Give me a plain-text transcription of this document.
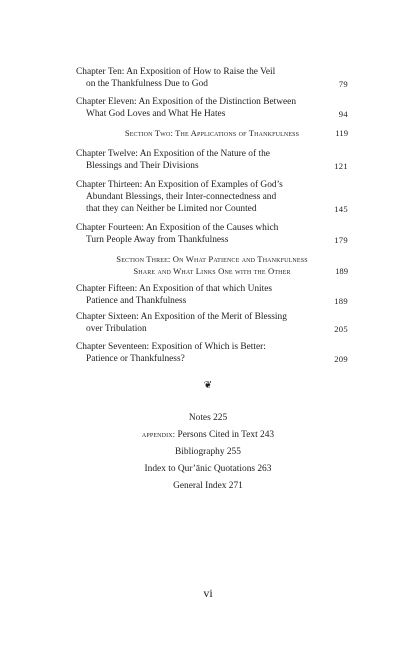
Chapter Ten: An Exposition of How to Raise the Veil
on the Thankfulness Due to God	79
Chapter Eleven: An Exposition of the Distinction Between
What God Loves and What He Hates	94
Section Two: The Applications of Thankfulness	119
Chapter Twelve: An Exposition of the Nature of the
Blessings and Their Divisions	121
Chapter Thirteen: An Exposition of Examples of God’s
Abundant Blessings, their Inter-connectedness and
that they can Neither be Limited nor Counted	145
Chapter Fourteen: An Exposition of the Causes which
Turn People Away from Thankfulness	179
Section Three: On What Patience and Thankfulness
Share and What Links One with the Other	189
Chapter Fifteen: An Exposition of that which Unites
Patience and Thankfulness	189
Chapter Sixteen: An Exposition of the Merit of Blessing
over Tribulation	205
Chapter Seventeen: Exposition of Which is Better:
Patience or Thankfulness?	209
❦
Notes 225
appendix: Persons Cited in Text 243
Bibliography 255
Index to Qur’ānic Quotations 263
General Index 271
vi
